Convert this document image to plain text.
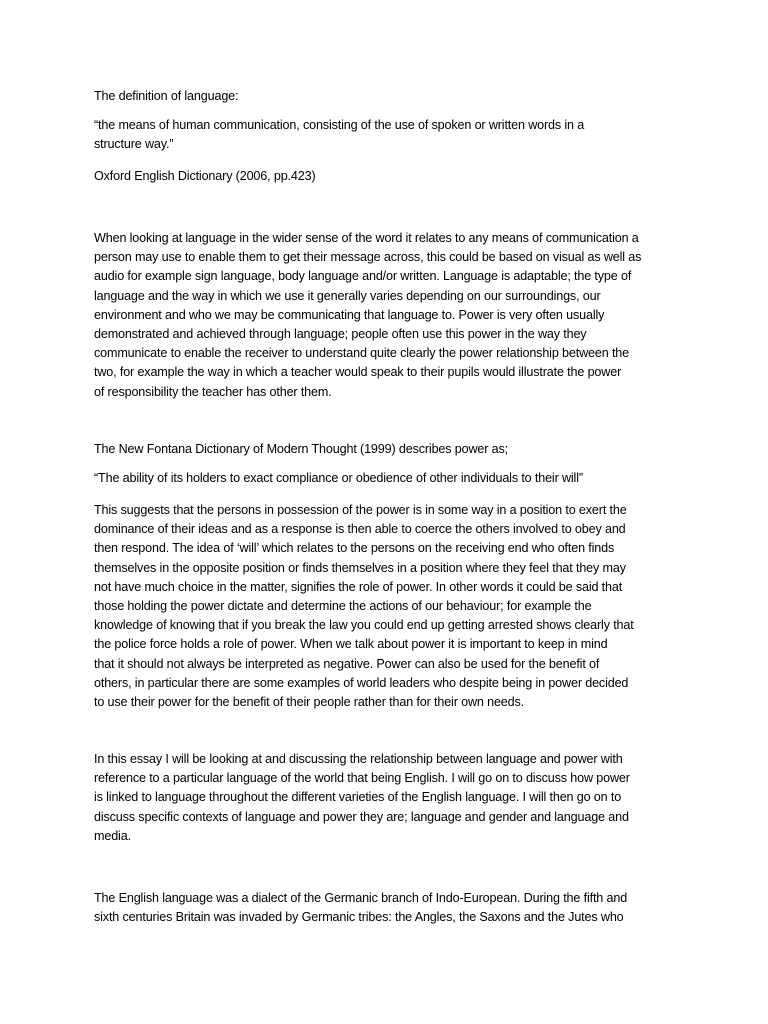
The definition of language:

“the means of human communication, consisting of the use of spoken or written words in a
structure way.”

Oxford English Dictionary (2006, pp.423)

When looking at language in the wider sense of the word it relates to any means of communication a
person may use to enable them to get their message across, this could be based on visual as well as
audio for example sign language, body language and/or written. Language is adaptable; the type of
language and the way in which we use it generally varies depending on our surroundings, our
environment and who we may be communicating that language to. Power is very often usually
demonstrated and achieved through language; people often use this power in the way they
communicate to enable the receiver to understand quite clearly the power relationship between the
two, for example the way in which a teacher would speak to their pupils would illustrate the power
of responsibility the teacher has other them.

The New Fontana Dictionary of Modern Thought (1999) describes power as;

“The ability of its holders to exact compliance or obedience of other individuals to their will”

This suggests that the persons in possession of the power is in some way in a position to exert the
dominance of their ideas and as a response is then able to coerce the others involved to obey and
then respond. The idea of ‘will’ which relates to the persons on the receiving end who often finds
themselves in the opposite position or finds themselves in a position where they feel that they may
not have much choice in the matter, signifies the role of power. In other words it could be said that
those holding the power dictate and determine the actions of our behaviour; for example the
knowledge of knowing that if you break the law you could end up getting arrested shows clearly that
the police force holds a role of power. When we talk about power it is important to keep in mind
that it should not always be interpreted as negative. Power can also be used for the benefit of
others, in particular there are some examples of world leaders who despite being in power decided
to use their power for the benefit of their people rather than for their own needs.

In this essay I will be looking at and discussing the relationship between language and power with
reference to a particular language of the world that being English. I will go on to discuss how power
is linked to language throughout the different varieties of the English language. I will then go on to
discuss specific contexts of language and power they are; language and gender and language and
media.

The English language was a dialect of the Germanic branch of Indo-European. During the fifth and
sixth centuries Britain was invaded by Germanic tribes: the Angles, the Saxons and the Jutes who
